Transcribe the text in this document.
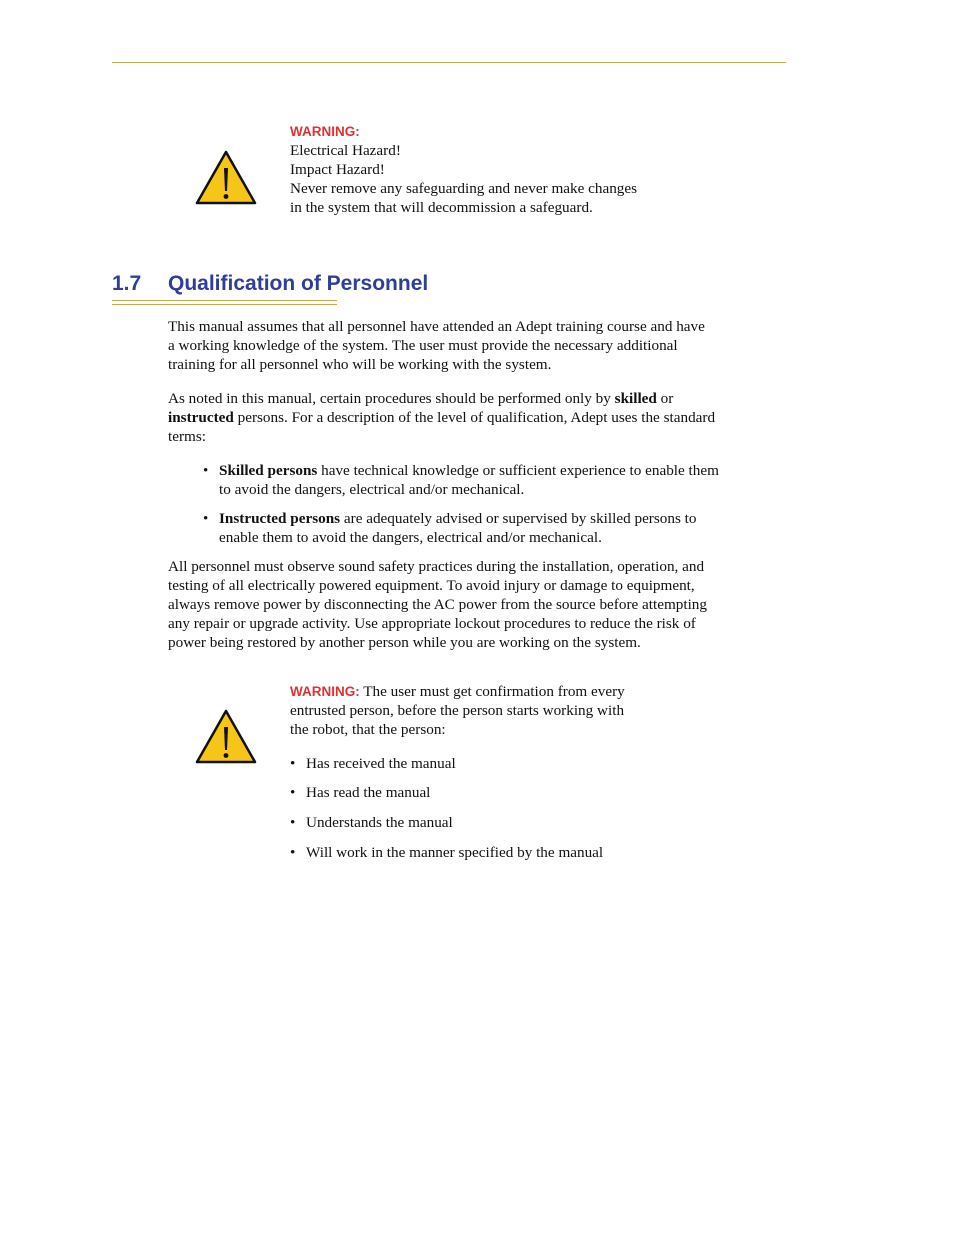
WARNING:
Electrical Hazard!
Impact Hazard!
Never remove any safeguarding and never make changes
in the system that will decommission a safeguard.
1.7 Qualification of Personnel
This manual assumes that all personnel have attended an Adept training course and have
a working knowledge of the system. The user must provide the necessary additional
training for all personnel who will be working with the system.
As noted in this manual, certain procedures should be performed only by skilled or
instructed persons. For a description of the level of qualification, Adept uses the standard
terms:
• Skilled persons have technical knowledge or sufficient experience to enable them
to avoid the dangers, electrical and/or mechanical.
• Instructed persons are adequately advised or supervised by skilled persons to
enable them to avoid the dangers, electrical and/or mechanical.
All personnel must observe sound safety practices during the installation, operation, and
testing of all electrically powered equipment. To avoid injury or damage to equipment,
always remove power by disconnecting the AC power from the source before attempting
any repair or upgrade activity. Use appropriate lockout procedures to reduce the risk of
power being restored by another person while you are working on the system.
WARNING: The user must get confirmation from every
entrusted person, before the person starts working with
the robot, that the person:
• Has received the manual
• Has read the manual
• Understands the manual
• Will work in the manner specified by the manual
